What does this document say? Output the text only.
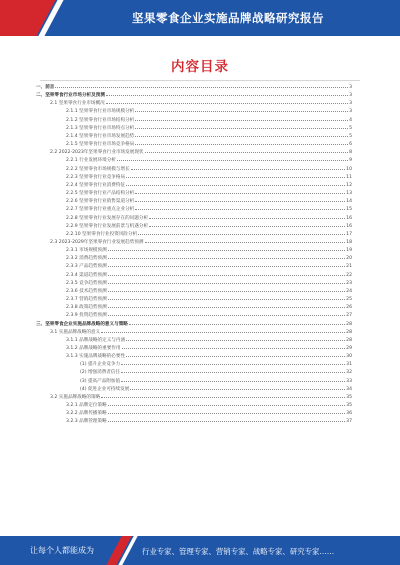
坚果零食企业实施品牌战略研究报告
内容目录
一、前言	3
二、坚果零食行业市场分析及预测	3
2.1 坚果零食行业市场概况	3
2.1.1 坚果零食行业市场规模分析	3
2.1.2 坚果零食行业市场结构分析	4
2.1.3 坚果零食行业市场特点分析	5
2.1.4 坚果零食行业市场发展趋势	5
2.1.5 坚果零食行业市场竞争格局	6
2.2 2022-2023年坚果零食行业市场发展现状	8
2.2.1 行业发展环境分析	9
2.2.2 坚果零食市场规模与增长	10
2.2.3 坚果零食行业竞争格局	11
2.2.4 坚果零食行业消费特征	12
2.2.5 坚果零食行业产品结构分析	13
2.2.6 坚果零食行业销售渠道分析	14
2.2.7 坚果零食行业重点企业分析	15
2.2.8 坚果零食行业发展存在的问题分析	16
2.2.9 坚果零食行业发展前景与机遇分析	16
2.2.10 坚果零食行业投资风险分析	17
2.3 2023-2029年坚果零食行业发展趋势预测	18
2.3.1 市场规模预测	19
2.3.2 消费趋势预测	20
2.3.3 产品趋势预测	21
2.3.4 渠道趋势预测	22
2.3.5 竞争趋势预测	23
2.3.6 技术趋势预测	24
2.3.7 营销趋势预测	25
2.3.8 政策趋势预测	26
2.3.9 投资趋势预测	27
三、坚果零食企业实施品牌战略的意义与策略	28
3.1 实施品牌战略的意义	28
3.1.1 品牌战略的定义与内涵	28
3.1.2 品牌战略的重要作用	29
3.1.3 实施品牌战略的必要性	30
(1) 提升企业竞争力	31
(2) 增强消费者信任	32
(3) 提高产品附加值	33
(4) 促进企业可持续发展	34
3.2 实施品牌战略的策略	35
3.2.1 品牌定位策略	35
3.2.2 品牌传播策略	36
3.2.3 品牌管理策略	37
让每个人都能成为	行业专家、管理专家、营销专家、战略专家、研究专家……
